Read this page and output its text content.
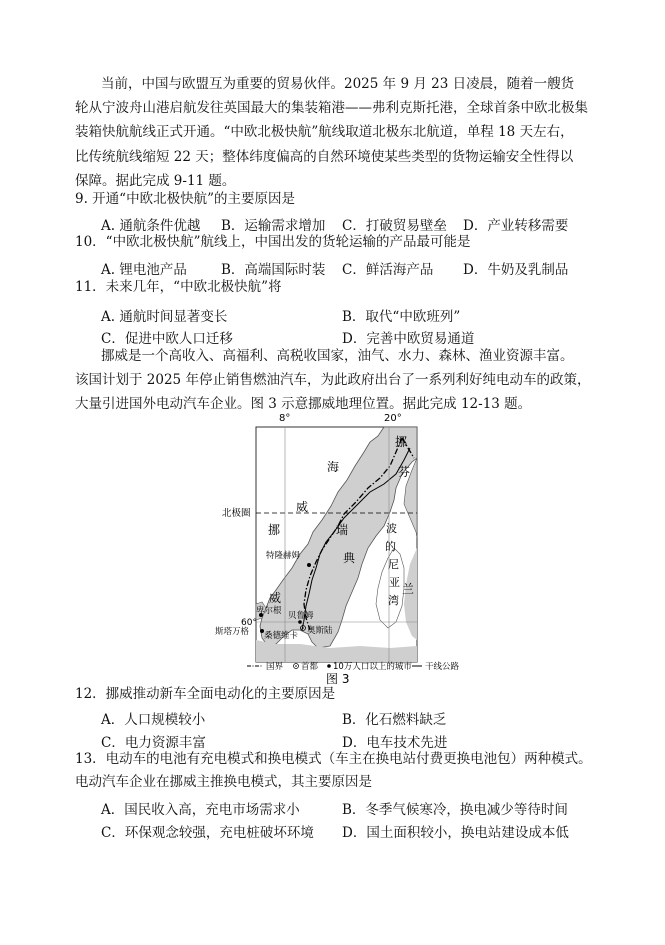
当前，中国与欧盟互为重要的贸易伙伴。2025 年 9 月 23 日凌晨，随着一艘货
轮从宁波舟山港启航发往英国最大的集装箱港——弗利克斯托港，全球首条中欧北极集
装箱快航航线正式开通。“中欧北极快航”航线取道北极东北航道，单程 18 天左右，
比传统航线缩短 22 天；整体纬度偏高的自然环境使某些类型的货物运输安全性得以
保障。据此完成 9-11 题。
9. 开通“中欧北极快航”的主要原因是
A. 通航条件优越 B．运输需求增加 C．打破贸易壁垒 D．产业转移需要
10．“中欧北极快航”航线上，中国出发的货轮运输的产品最可能是
A. 锂电池产品	B．高端国际时装 C．鲜活海产品 D．牛奶及乳制品
11．未来几年，“中欧北极快航”将
A. 通航时间显著变长	B．取代“中欧班列”
C．促进中欧人口迁移	D．完善中欧贸易通道
挪威是一个高收入、高福利、高税收国家，油气、水力、森林、渔业资源丰富。
该国计划于 2025 年停止销售燃油汽车，为此政府出台了一系列利好纯电动车的政策，
大量引进国外电动汽车企业。图 3 示意挪威地理位置。据此完成 12-13 题。
8°	20°
北极圈
60°
海
威
挪
威
瑞
典
挪
芬
兰
波
的
尼
亚
湾
特隆赫姆
卑尔根
斯塔万格 桑德维卡 奥斯陆
贝鲁姆
国界 首都 10万人口以上的城市 干线公路
图 3
12．挪威推动新车全面电动化的主要原因是
A．人口规模较小	B．化石燃料缺乏
C．电力资源丰富	D．电车技术先进
13．电动车的电池有充电模式和换电模式（车主在换电站付费更换电池包）两种模式。
电动汽车企业在挪威主推换电模式，其主要原因是
A．国民收入高，充电市场需求小	B．冬季气候寒冷，换电减少等待时间
C．环保观念较强，充电桩破坏环境 D．国土面积较小，换电站建设成本低
